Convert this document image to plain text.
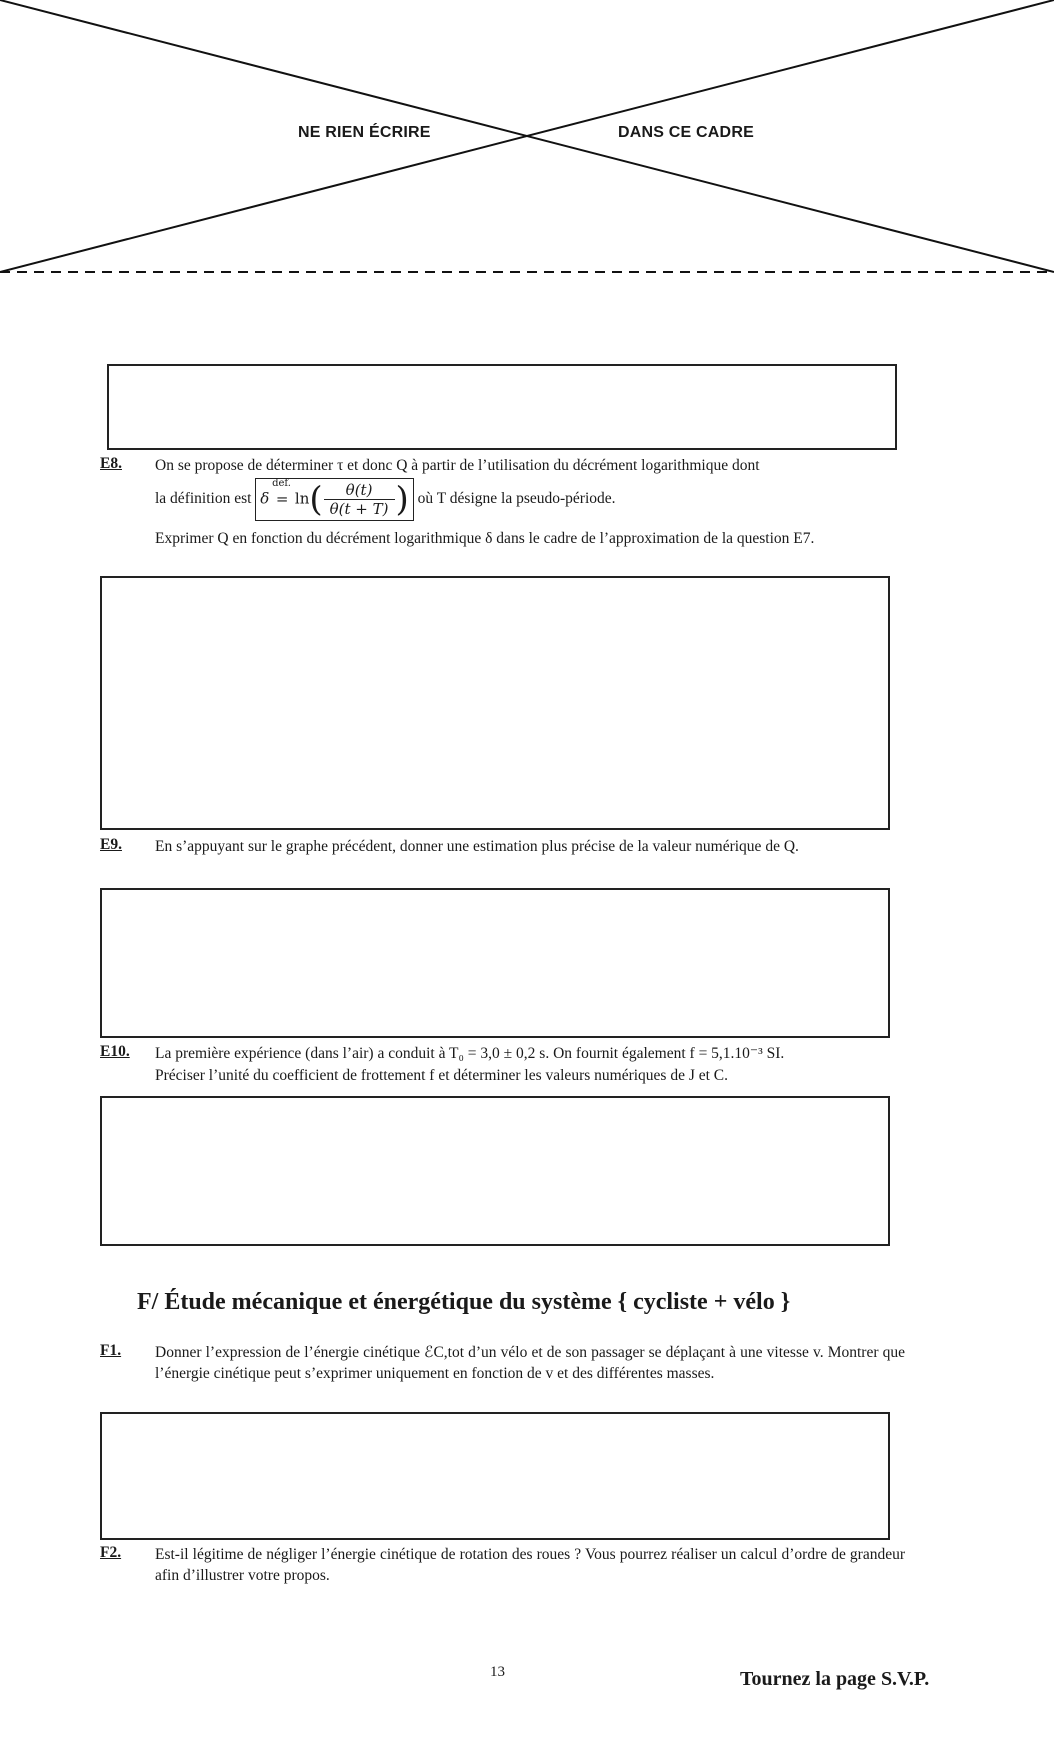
NE RIEN ÉCRIRE	DANS CE CADRE
E8. On se propose de déterminer τ et donc Q à partir de l’utilisation du décrément logarithmique dont
la définition est δ
def.
= $\ln( \frac{\theta(t)}{\theta(t + T)}$ ) où T désigne la pseudo-période.
Exprimer Q en fonction du décrément logarithmique δ dans le cadre de l’approximation de la question E7.
E9. En s’appuyant sur le graphe précédent, donner une estimation plus précise de la valeur numérique de Q.
E10. La première expérience (dans l’air) a conduit à T₀ = 3,0 ± 0,2 s. On fournit également f = 5,1.10⁻³ SI.
Préciser l’unité du coefficient de frottement f et déterminer les valeurs numériques de J et C.
F/ Étude mécanique et énergétique du système { cycliste + vélo }
F1. Donner l’expression de l’énergie cinétique ℰC,tot d’un vélo et de son passager se déplaçant à une vitesse v. Montrer que l’énergie cinétique peut s’exprimer uniquement en fonction de v et des différentes masses.
F2. Est-il légitime de négliger l’énergie cinétique de rotation des roues ? Vous pourrez réaliser un calcul d’ordre de grandeur afin d’illustrer votre propos.
13	Tournez la page S.V.P.
